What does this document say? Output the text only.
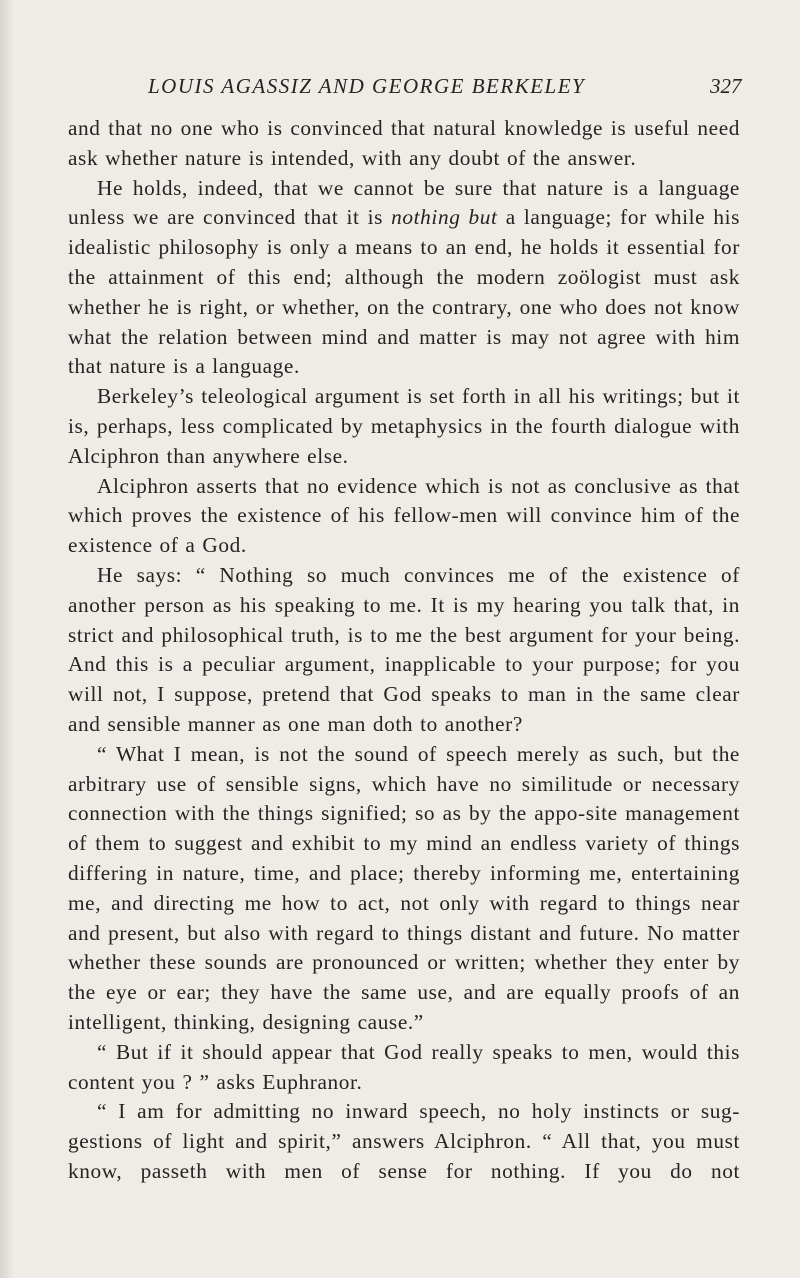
LOUIS AGASSIZ AND GEORGE BERKELEY	327

and that no one who is convinced that natural knowledge is useful need ask whether nature is intended, with any doubt of the answer.

He holds, indeed, that we cannot be sure that nature is a language unless we are convinced that it is nothing but a language; for while his idealistic philosophy is only a means to an end, he holds it essential for the attainment of this end; although the modern zoölogist must ask whether he is right, or whether, on the contrary, one who does not know what the relation between mind and matter is may not agree with him that nature is a language.

Berkeley’s teleological argument is set forth in all his writings; but it is, perhaps, less complicated by metaphysics in the fourth dialogue with Alciphron than anywhere else.

Alciphron asserts that no evidence which is not as conclusive as that which proves the existence of his fellow-men will convince him of the existence of a God.

He says: “ Nothing so much convinces me of the existence of another person as his speaking to me. It is my hearing you talk that, in strict and philosophical truth, is to me the best argument for your being. And this is a peculiar argument, inapplicable to your purpose; for you will not, I suppose, pretend that God speaks to man in the same clear and sensible manner as one man doth to another?

“ What I mean, is not the sound of speech merely as such, but the arbitrary use of sensible signs, which have no similitude or necessary connection with the things signified; so as by the appo-site management of them to suggest and exhibit to my mind an endless variety of things differing in nature, time, and place; thereby informing me, entertaining me, and directing me how to act, not only with regard to things near and present, but also with regard to things distant and future. No matter whether these sounds are pronounced or written; whether they enter by the eye or ear; they have the same use, and are equally proofs of an intelligent, thinking, designing cause.”

“ But if it should appear that God really speaks to men, would this content you ? ” asks Euphranor.

“ I am for admitting no inward speech, no holy instincts or sug-gestions of light and spirit,” answers Alciphron. “ All that, you must know, passeth with men of sense for nothing. If you do not
